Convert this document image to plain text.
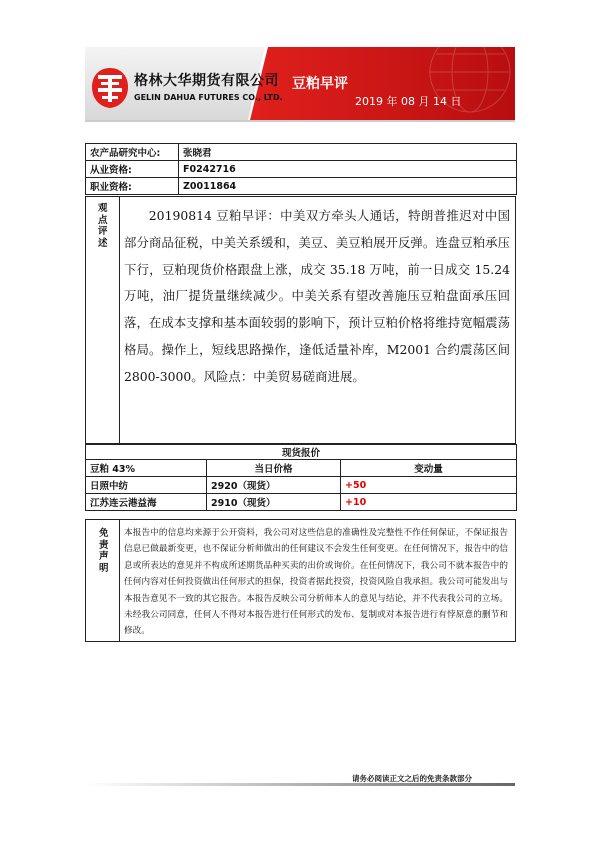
格林大华期货有限公司
GELIN DAHUA FUTURES CO., LTD.
豆粕早评
2019 年 08 月 14 日
农产品研究中心:	张晓君
从业资格:	F0242716
职业资格:	Z0011864
观点评述

20190814 豆粕早评：中美双方牵头人通话，特朗普推迟对中国部分商品征税，中美关系缓和，美豆、美豆粕展开反弹。连盘豆粕承压下行，豆粕现货价格跟盘上涨，成交 35.18 万吨，前一日成交 15.24 万吨，油厂提货量继续减少。中美关系有望改善施压豆粕盘面承压回落，在成本支撑和基本面较弱的影响下，预计豆粕价格将维持宽幅震荡格局。操作上，短线思路操作，逢低适量补库，M2001 合约震荡区间 2800-3000。风险点：中美贸易磋商进展。

现货报价		
豆粕 43%	当日价格	变动量
日照中纺	2920（现货）	+50
江苏连云港益海	2910（现货）	+10
免责声明

本报告中的信息均来源于公开资料，我公司对这些信息的准确性及完整性不作任何保证，不保证报告信息已做最新变更，也不保证分析师做出的任何建议不会发生任何变更。在任何情况下，报告中的信息或所表达的意见并不构成所述期货品种买卖的出价或询价。在任何情况下，我公司不就本报告中的任何内容对任何投资做出任何形式的担保，投资者据此投资，投资风险自我承担。我公司可能发出与本报告意见不一致的其它报告。本报告反映公司分析师本人的意见与结论，并不代表我公司的立场。未经我公司同意，任何人不得对本报告进行任何形式的发布、复制或对本报告进行有悖原意的删节和修改。

请务必阅读正文之后的免责条款部分
